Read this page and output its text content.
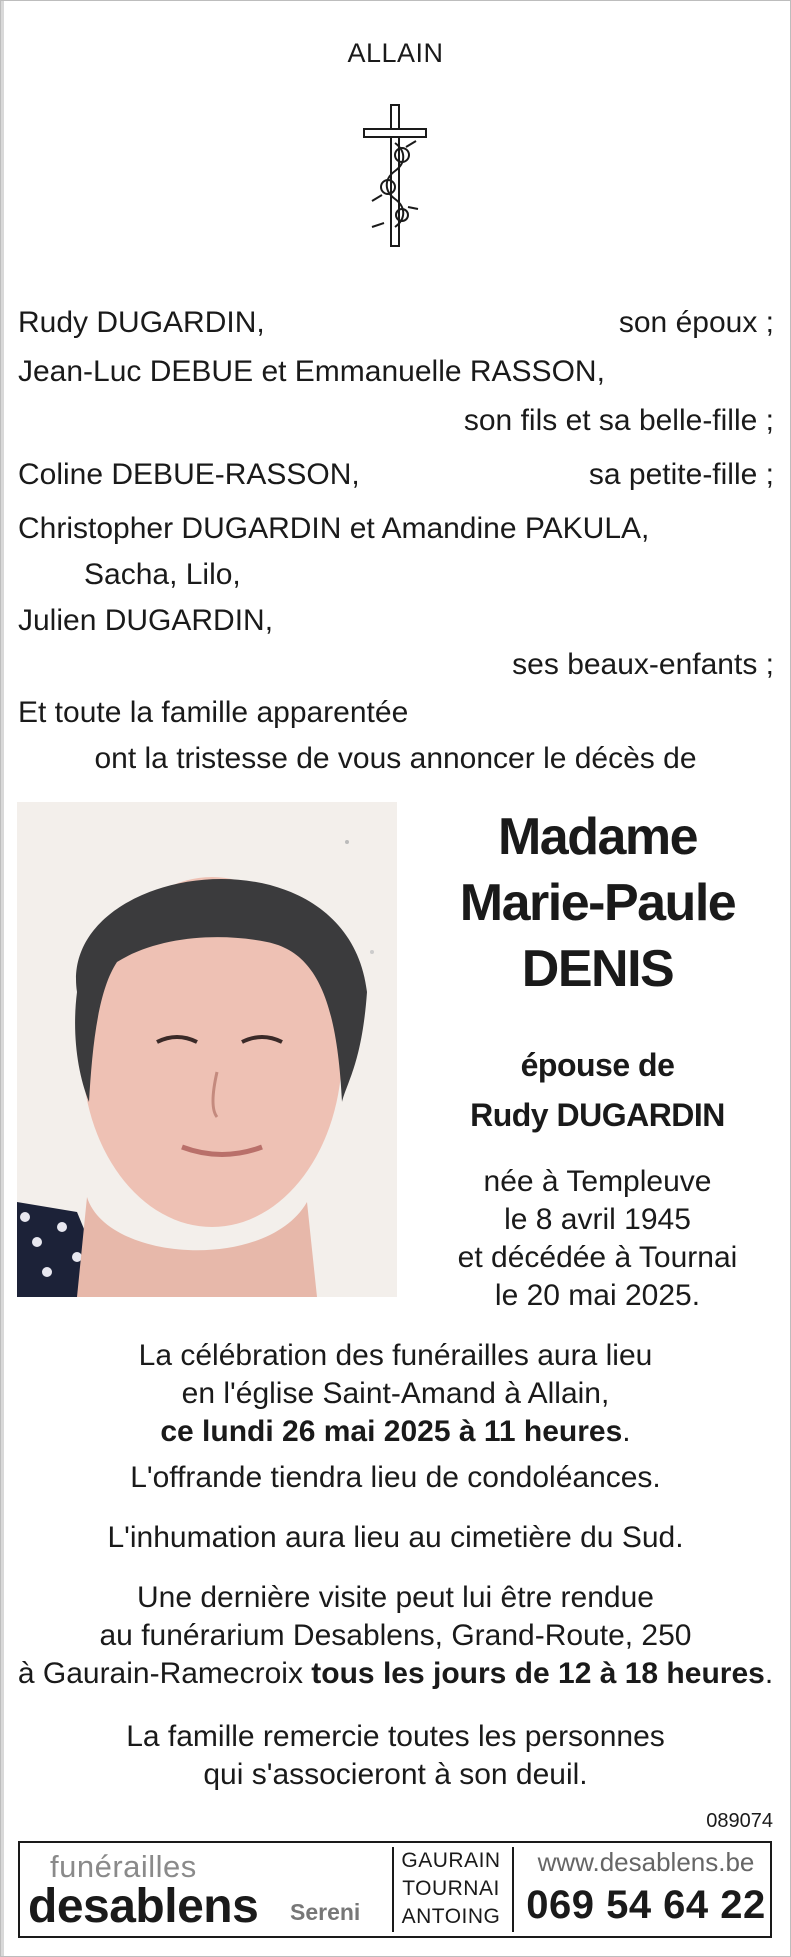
ALLAIN
Rudy DUGARDIN,	son époux ;
Jean-Luc DEBUE et Emmanuelle RASSON,
son fils et sa belle-fille ;
Coline DEBUE-RASSON,	sa petite-fille ;
Christopher DUGARDIN et Amandine PAKULA,
Sacha, Lilo,
Julien DUGARDIN,
ses beaux-enfants ;
Et toute la famille apparentée
ont la tristesse de vous annoncer le décès de
Madame
Marie-Paule
DENIS
épouse de
Rudy DUGARDIN
née à Templeuve
le 8 avril 1945
et décédée à Tournai
le 20 mai 2025.
La célébration des funérailles aura lieu
en l'église Saint-Amand à Allain,
ce lundi 26 mai 2025 à 11 heures.
L'offrande tiendra lieu de condoléances.
L'inhumation aura lieu au cimetière du Sud.
Une dernière visite peut lui être rendue
au funérarium Desablens, Grand-Route, 250
à Gaurain-Ramecroix tous les jours de 12 à 18 heures.
La famille remercie toutes les personnes
qui s'associeront à son deuil.
089074
funérailles
desablens Sereni
GAURAIN
TOURNAI
ANTOING
www.desablens.be
069 54 64 22
